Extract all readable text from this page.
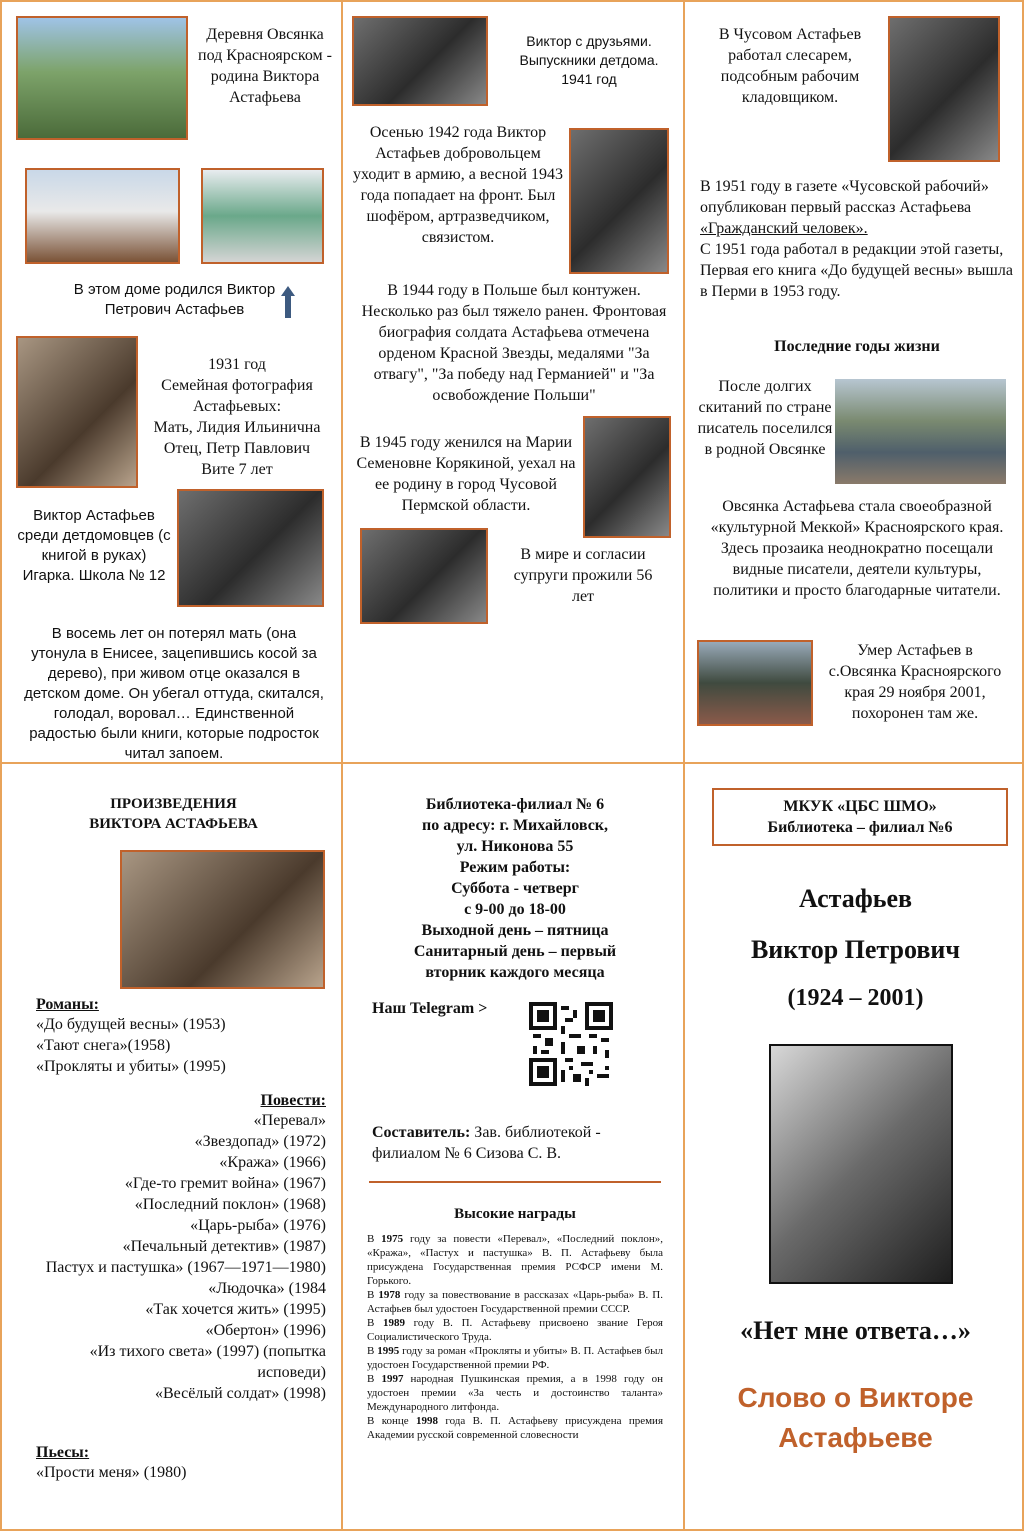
Деревня Овсянка под Красноярском - родина Виктора Астафьева
В этом доме родился Виктор Петрович Астафьев
1931 год
Семейная фотография Астафьевых:
Мать, Лидия Ильинична
Отец, Петр Павлович
Вите 7 лет
Виктор Астафьев среди детдомовцев (с книгой в руках) Игарка. Школа № 12
В восемь лет он потерял мать (она утонула в Енисее, зацепившись косой за дерево), при живом отце оказался в детском доме. Он убегал оттуда, скитался, голодал, воровал… Единственной радостью были книги, которые подросток читал запоем.
Виктор с друзьями. Выпускники детдома. 1941 год
Осенью 1942 года Виктор Астафьев добровольцем уходит в армию, а весной 1943 года попадает на фронт. Был шофёром, артразведчиком, связистом.
В 1944 году в Польше был контужен. Несколько раз был тяжело ранен. Фронтовая биография солдата Астафьева отмечена орденом Красной Звезды, медалями "За отвагу", "За победу над Германией" и "За освобождение Польши"
В 1945 году женился на Марии Семеновне Корякиной, уехал на ее родину в город Чусовой Пермской области.
В мире и согласии супруги прожили 56 лет
В Чусовом Астафьев работал слесарем, подсобным рабочим кладовщиком.
В 1951 году в газете «Чусовской рабочий» опубликован первый рассказ Астафьева «Гражданский человек».
С 1951 года работал в редакции этой газеты, Первая его книга «До будущей весны» вышла в Перми в 1953 году.
Последние годы жизни
После долгих скитаний по стране писатель поселился в родной Овсянке
Овсянка Астафьева стала своеобразной «культурной Меккой» Красноярского края. Здесь прозаика неоднократно посещали видные писатели, деятели культуры, политики и просто благодарные читатели.
Умер Астафьев в с.Овсянка Красноярского края 29 ноября 2001, похоронен там же.
ПРОИЗВЕДЕНИЯ
ВИКТОРА АСТАФЬЕВА
Романы:
«До будущей весны» (1953)
«Тают снега»(1958)
«Прокляты и убиты» (1995)
Повести:
«Перевал»
«Звездопад» (1972)
«Кража» (1966)
«Где-то гремит война» (1967)
«Последний поклон» (1968)
«Царь-рыба» (1976)
«Печальный детектив» (1987)
Пастух и пастушка» (1967—1971—1980)
«Людочка» (1984
«Так хочется жить» (1995)
«Обертон» (1996)
«Из тихого света» (1997) (попытка исповеди)
«Весёлый солдат» (1998)
Пьесы:
«Прости меня» (1980)
Библиотека-филиал № 6
по адресу: г. Михайловск,
ул. Никонова 55
Режим работы:
Суббота - четверг
с 9-00 до 18-00
Выходной день – пятница
Санитарный день – первый
вторник каждого месяца
Наш Telegram >
Составитель: Зав. библиотекой - филиалом № 6 Сизова С. В.
Высокие награды
В 1975 году за повести «Перевал», «Последний поклон», «Кража», «Пастух и пастушка» В. П. Астафьеву была присуждена Государственная премия РСФСР имени М. Горького.
В 1978 году за повествование в рассказах «Царь-рыба» В. П. Астафьев был удостоен Государственной премии СССР.
В 1989 году В. П. Астафьеву присвоено звание Героя Социалистического Труда.
В 1995 году за роман «Прокляты и убиты» В. П. Астафьев был удостоен Государственной премии РФ.
В 1997 народная Пушкинская премия, а в 1998 году он удостоен премии «За честь и достоинство таланта» Международного литфонда.
В конце 1998 года В. П. Астафьеву присуждена премия Академии русской современной словесности
МКУК «ЦБС ШМО»
Библиотека – филиал №6
Астафьев
Виктор Петрович
(1924 – 2001)
«Нет мне ответа…»
Слово о Викторе Астафьеве
